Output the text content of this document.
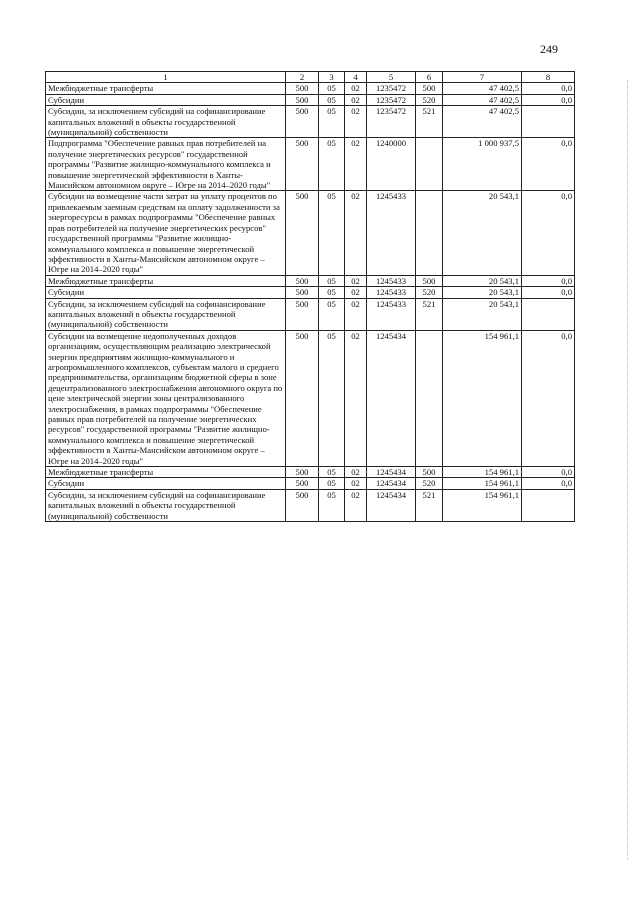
249
1	2	3	4	5	6	7	8
Межбюджетные трансферты	500	05	02	1235472	500	47 402,5	0,0
Субсидии	500	05	02	1235472	520	47 402,5	0,0
Субсидии, за исключением субсидий на софинансирование капитальных вложений в объекты государственной (муниципальной) собственности	500	05	02	1235472	521	47 402,5	
Подпрограмма "Обеспечение равных прав потребителей на получение энергетических ресурсов" государственной программы "Развитие жилищно-коммунального комплекса и повышение энергетической эффективности в Ханты-Мансийском автономном округе – Югре на 2014–2020 годы"	500	05	02	1240000		1 000 937,5	0,0
Субсидии на возмещение части затрат на уплату процентов по привлекаемым заемным средствам на оплату задолженности за энергоресурсы в рамках подпрограммы "Обеспечение равных прав потребителей на получение энергетических ресурсов" государственной программы "Развитие жилищно-коммунального комплекса и повышение энергетической эффективности в Ханты-Мансийском автономном округе – Югре на 2014–2020 годы"	500	05	02	1245433		20 543,1	0,0
Межбюджетные трансферты	500	05	02	1245433	500	20 543,1	0,0
Субсидии	500	05	02	1245433	520	20 543,1	0,0
Субсидии, за исключением субсидий на софинансирование капитальных вложений в объекты государственной (муниципальной) собственности	500	05	02	1245433	521	20 543,1	
Субсидии на возмещение недополученных доходов организациям, осуществляющим реализацию электрической энергии предприятиям жилищно-коммунального и агропромышленного комплексов, субъектам малого и среднего предпринимательства, организациям бюджетной сферы в зоне децентрализованного электроснабжения автономного округа по цене электрической энергии зоны централизованного электроснабжения, в рамках подпрограммы "Обеспечение равных прав потребителей на получение энергетических ресурсов" государственной программы "Развитие жилищно-коммунального комплекса и повышение энергетической эффективности в Ханты-Мансийском автономном округе – Югре на 2014–2020 годы"	500	05	02	1245434		154 961,1	0,0
Межбюджетные трансферты	500	05	02	1245434	500	154 961,1	0,0
Субсидии	500	05	02	1245434	520	154 961,1	0,0
Субсидии, за исключением субсидий на софинансирование капитальных вложений в объекты государственной (муниципальной) собственности	500	05	02	1245434	521	154 961,1	
